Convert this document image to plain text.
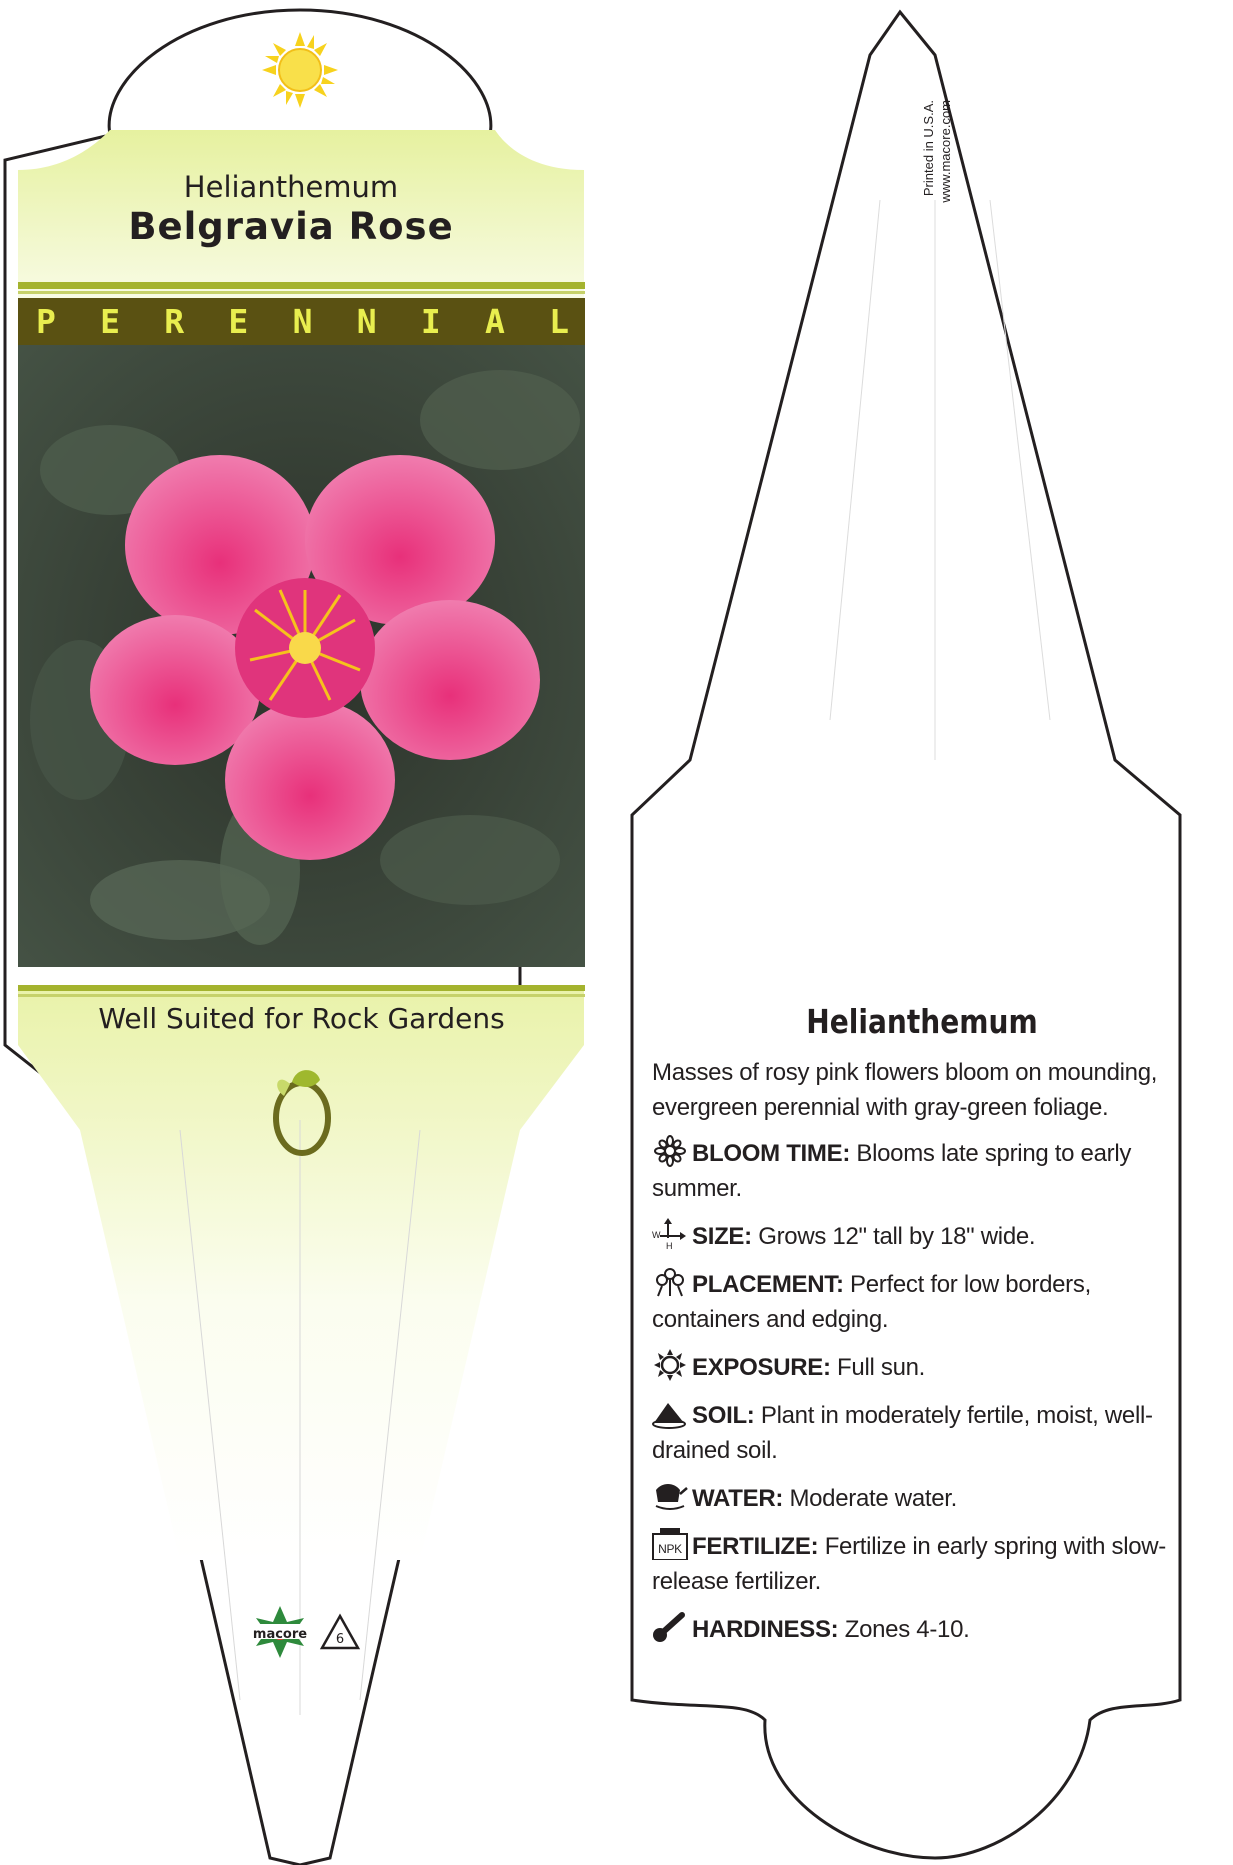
Helianthemum
Belgravia Rose
P E R E N N I A L
Well Suited for Rock Gardens
macore	6
Printed in U.S.A. www.macore.com
Helianthemum
Masses of rosy pink flowers bloom on mounding, evergreen perennial with gray-green foliage.
BLOOM TIME: Blooms late spring to early summer.
W
H SIZE: Grows 12" tall by 18" wide.
PLACEMENT: Perfect for low borders, containers and edging.
EXPOSURE: Full sun.
SOIL: Plant in moderately fertile, moist, well-drained soil.
WATER: Moderate water.
NPK FERTILIZE: Fertilize in early spring with slow-release fertilizer.
HARDINESS: Zones 4-10.
